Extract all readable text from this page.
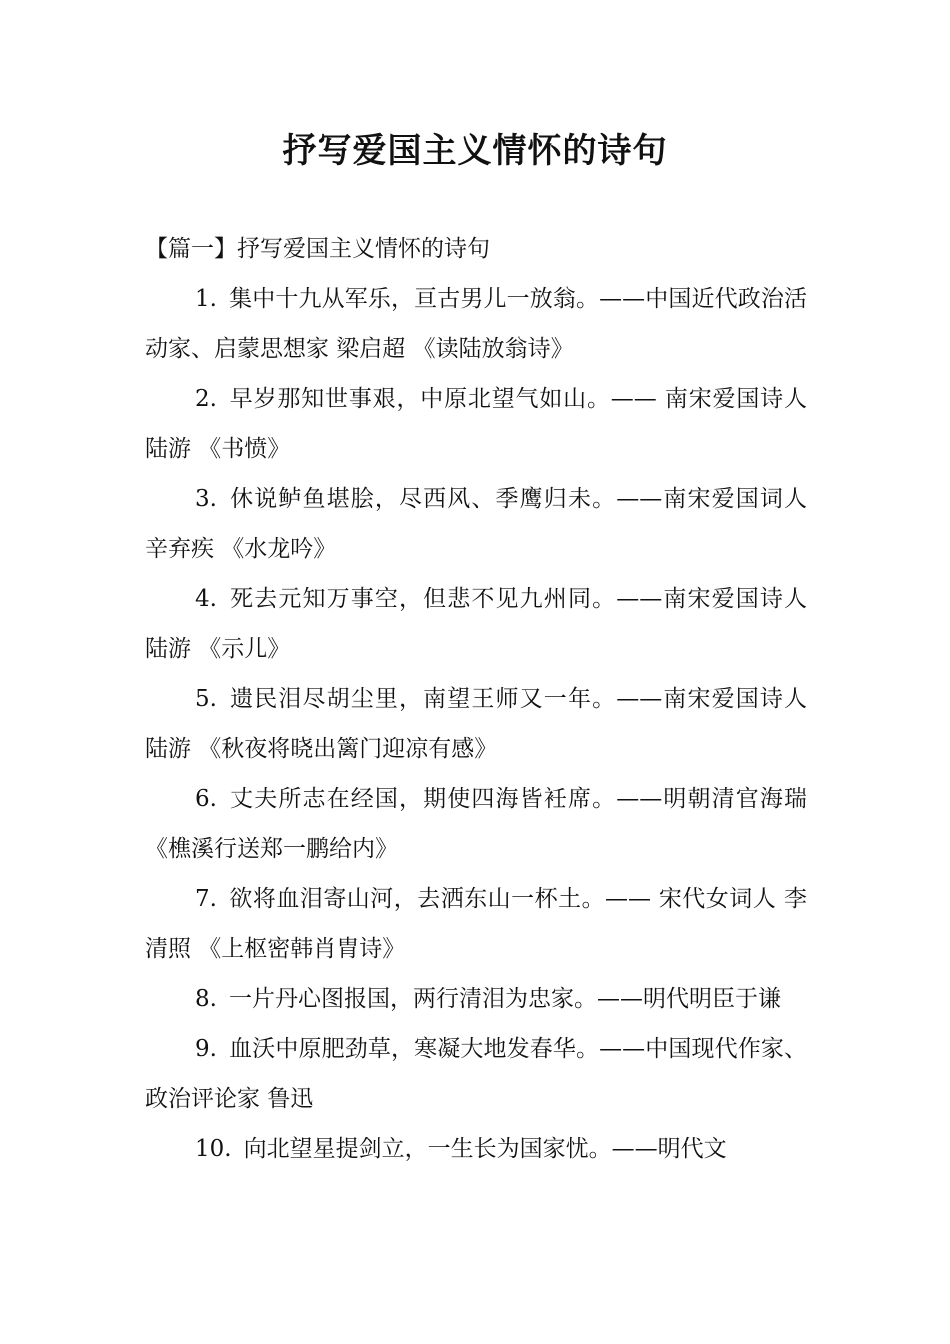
抒写爱国主义情怀的诗句

【篇一】抒写爱国主义情怀的诗句

1. 集中十九从军乐，亘古男儿一放翁。——中国近代政治活动家、启蒙思想家 梁启超 《读陆放翁诗》

2. 早岁那知世事艰，中原北望气如山。—— 南宋爱国诗人 陆游 《书愤》

3. 休说鲈鱼堪脍，尽西风、季鹰归未。——南宋爱国词人 辛弃疾 《水龙吟》

4. 死去元知万事空，但悲不见九州同。——南宋爱国诗人 陆游 《示儿》

5. 遗民泪尽胡尘里，南望王师又一年。——南宋爱国诗人 陆游 《秋夜将晓出篱门迎凉有感》

6. 丈夫所志在经国，期使四海皆衽席。——明朝清官海瑞 《樵溪行送郑一鹏给内》

7. 欲将血泪寄山河，去洒东山一杯土。—— 宋代女词人 李清照 《上枢密韩肖胄诗》

8. 一片丹心图报国，两行清泪为忠家。——明代明臣于谦

9. 血沃中原肥劲草，寒凝大地发春华。——中国现代作家、政治评论家 鲁迅

10. 向北望星提剑立，一生长为国家忧。——明代文
